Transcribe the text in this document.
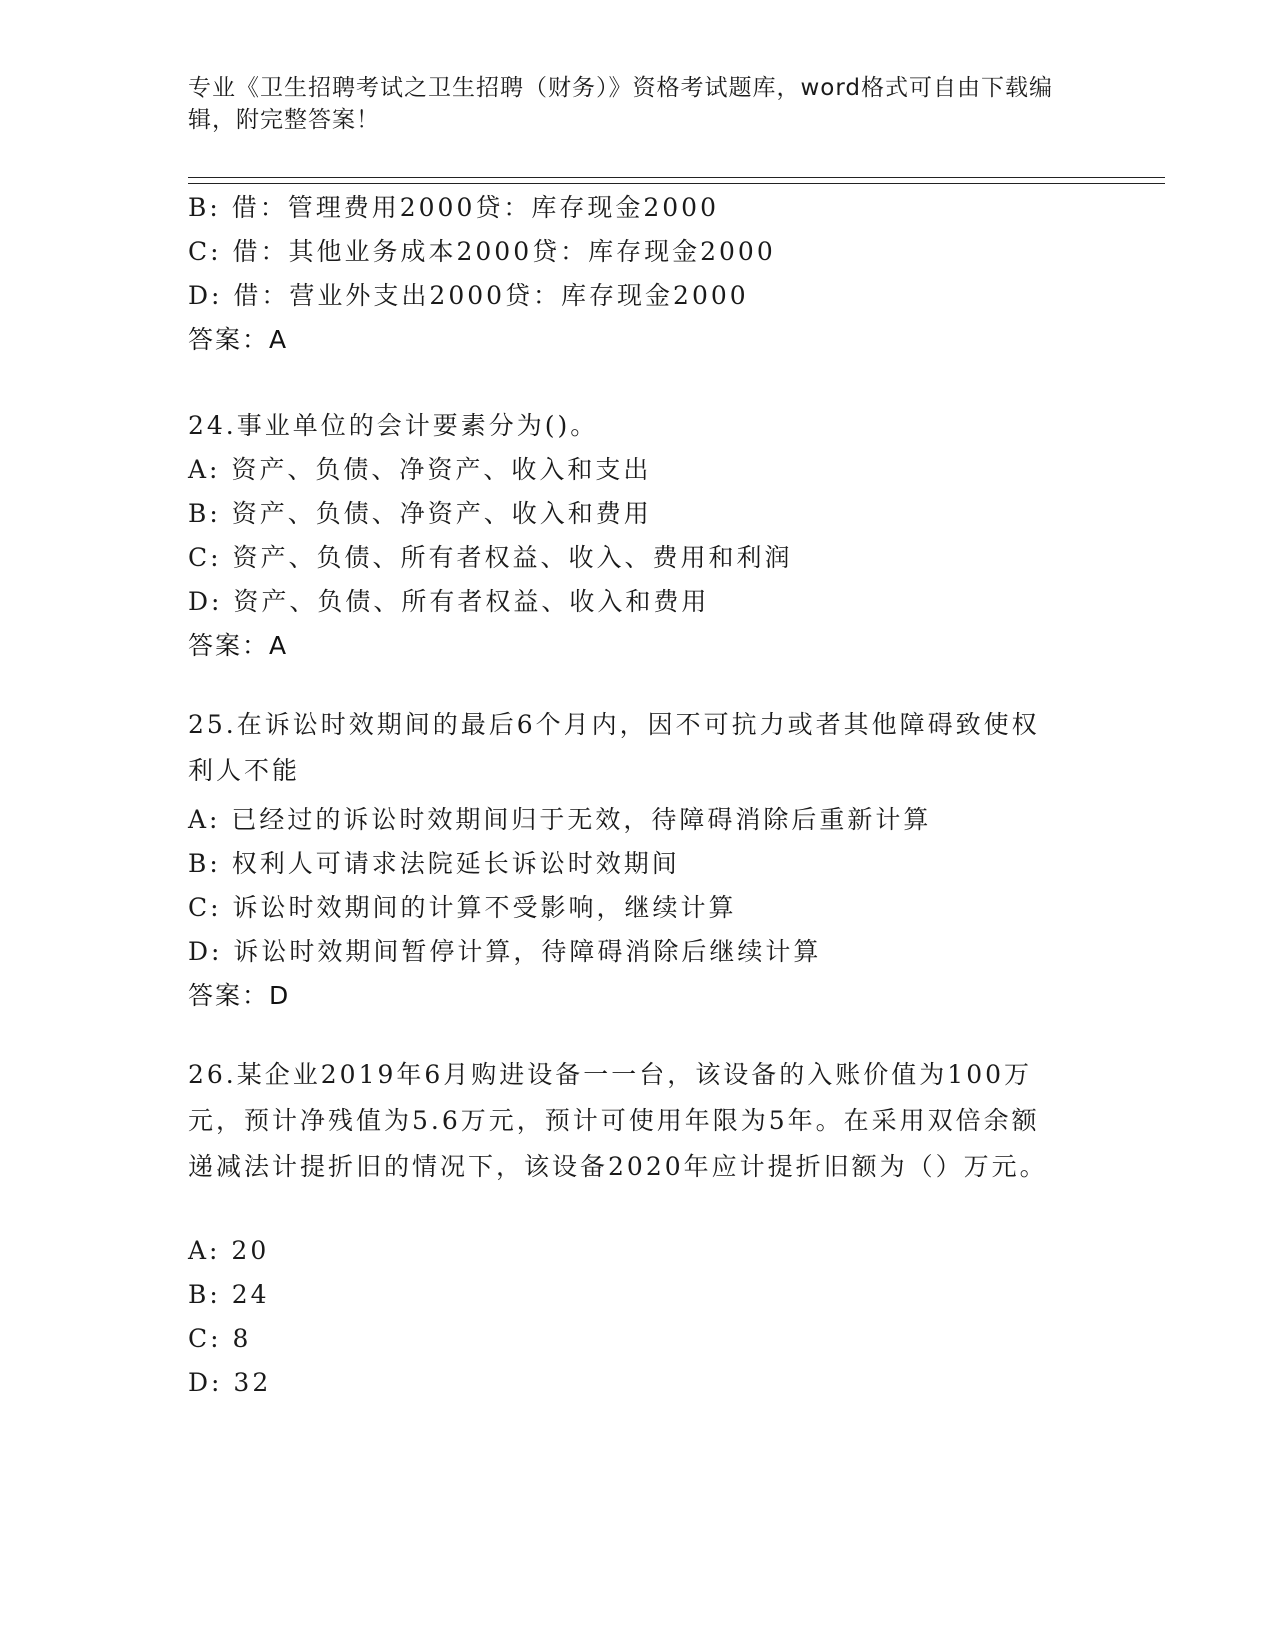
专业《卫生招聘考试之卫生招聘（财务）》资格考试题库，word格式可自由下载编辑，附完整答案！
B: 借：管理费用2000贷：库存现金2000
C: 借：其他业务成本2000贷：库存现金2000
D: 借：营业外支出2000贷：库存现金2000
答案：A
24.事业单位的会计要素分为()。
A: 资产、负债、净资产、收入和支出
B: 资产、负债、净资产、收入和费用
C: 资产、负债、所有者权益、收入、费用和利润
D: 资产、负债、所有者权益、收入和费用
答案：A
25.在诉讼时效期间的最后6个月内，因不可抗力或者其他障碍致使权利人不能
A: 已经过的诉讼时效期间归于无效，待障碍消除后重新计算
B: 权利人可请求法院延长诉讼时效期间
C: 诉讼时效期间的计算不受影响，继续计算
D: 诉讼时效期间暂停计算，待障碍消除后继续计算
答案：D
26.某企业2019年6月购进设备一一台，该设备的入账价值为100万元，预计净残值为5.6万元，预计可使用年限为5年。在采用双倍余额递减法计提折旧的情况下，该设备2020年应计提折旧额为（）万元。
A: 20
B: 24
C: 8
D: 32
